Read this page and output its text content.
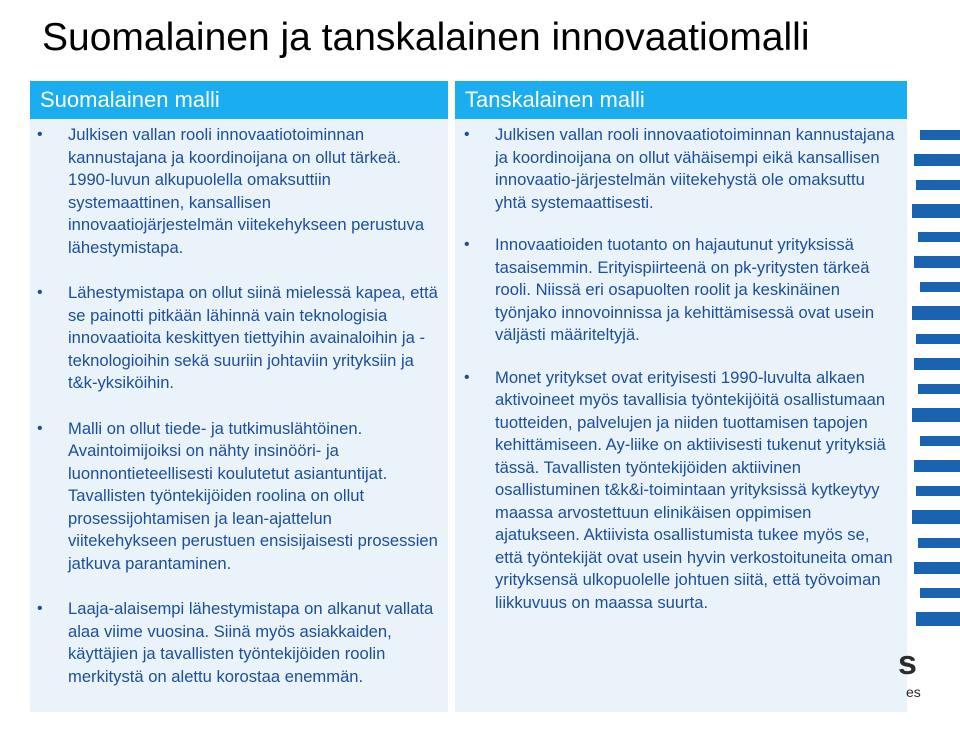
Suomalainen ja tanskalainen innovaatiomalli
Suomalainen malli
• Julkisen vallan rooli innovaatiotoiminnan kannustajana ja koordinoijana on ollut tärkeä. 1990-luvun alkupuolella omaksuttiin systemaattinen, kansallisen innovaatiojärjestelmän viitekehykseen perustuva lähestymistapa.
• Lähestymistapa on ollut siinä mielessä kapea, että se painotti pitkään lähinnä vain teknologisia innovaatioita keskittyen tiettyihin avainaloihin ja -teknologioihin sekä suuriin johtaviin yrityksiin ja t&k-yksiköihin.
• Malli on ollut tiede- ja tutkimuslähtöinen. Avaintoimijoiksi on nähty insinööri- ja luonnontieteellisesti koulutetut asiantuntijat. Tavallisten työntekijöiden roolina on ollut prosessijohtamisen ja lean-ajattelun viitekehykseen perustuen ensisijaisesti prosessien jatkuva parantaminen.
• Laaja-alaisempi lähestymistapa on alkanut vallata alaa viime vuosina. Siinä myös asiakkaiden, käyttäjien ja tavallisten työntekijöiden roolin merkitystä on alettu korostaa enemmän.
Tanskalainen malli
• Julkisen vallan rooli innovaatiotoiminnan kannustajana ja koordinoijana on ollut vähäisempi eikä kansallisen innovaatio-järjestelmän viitekehystä ole omaksuttu yhtä systemaattisesti.
• Innovaatioiden tuotanto on hajautunut yrityksissä tasaisemmin. Erityispiirteenä on pk-yritysten tärkeä rooli. Niissä eri osapuolten roolit ja keskinäinen työnjako innovoinnissa ja kehittämisessä ovat usein väljästi määriteltyjä.
• Monet yritykset ovat erityisesti 1990-luvulta alkaen aktivoineet myös tavallisia työntekijöitä osallistumaan tuotteiden, palvelujen ja niiden tuottamisen tapojen kehittämiseen. Ay-liike on aktiivisesti tukenut yrityksiä tässä. Tavallisten työntekijöiden aktiivinen osallistuminen t&k&i-toimintaan yrityksissä kytkeytyy maassa arvostettuun elinikäisen oppimisen ajatukseen. Aktiivista osallistumista tukee myös se, että työntekijät ovat usein hyvin verkostoituneita oman yrityksensä ulkopuolelle johtuen siitä, että työvoiman liikkuvuus on maassa suurta.
s
es
